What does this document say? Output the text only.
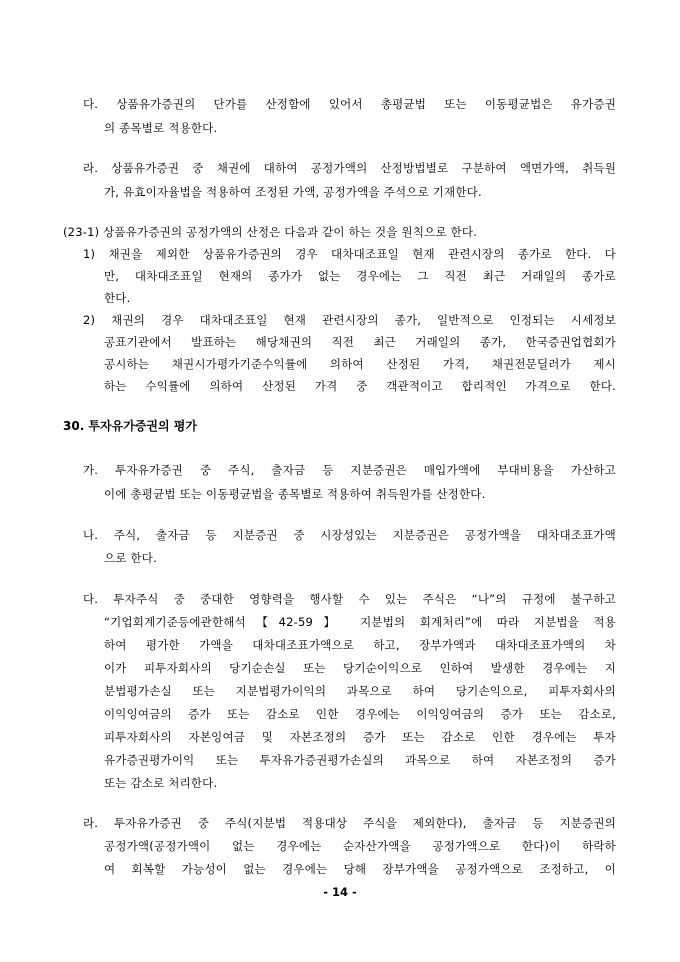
다. 상품유가증권의 단가를 산정함에 있어서 총평균법 또는 이동평균법은 유가증권
의 종목별로 적용한다.
라. 상품유가증권 중 채권에 대하여 공정가액의 산정방법별로 구분하여 액면가액, 취득원
가, 유효이자율법을 적용하여 조정된 가액, 공정가액을 주석으로 기재한다.
(23-1) 상품유가증권의 공정가액의 산정은 다음과 같이 하는 것을 원칙으로 한다.
1) 채권을 제외한 상품유가증권의 경우 대차대조표일 현재 관련시장의 종가로 한다. 다
만, 대차대조표일 현재의 종가가 없는 경우에는 그 직전 최근 거래일의 종가로
한다.
2) 채권의 경우 대차대조표일 현재 관련시장의 종가, 일반적으로 인정되는 시세정보
공표기관에서 발표하는 해당채권의 직전 최근 거래일의 종가, 한국증권업협회가
공시하는 채권시가평가기준수익률에 의하여 산정된 가격, 채권전문딜러가 제시
하는 수익률에 의하여 산정된 가격 중 객관적이고 합리적인 가격으로 한다.
30. 투자유가증권의 평가
가. 투자유가증권 중 주식, 출자금 등 지분증권은 매입가액에 부대비용을 가산하고
이에 총평균법 또는 이동평균법을 종목별로 적용하여 취득원가를 산정한다.
나. 주식, 출자금 등 지분증권 중 시장성있는 지분증권은 공정가액을 대차대조표가액
으로 한다.
다. 투자주식 중 중대한 영향력을 행사할 수 있는 주식은 “나”의 규정에 불구하고
“기업회계기준등에관한해석【42-59】 지분법의 회계처리”에 따라 지분법을 적용
하여 평가한 가액을 대차대조표가액으로 하고, 장부가액과 대차대조표가액의 차
이가 피투자회사의 당기순손실 또는 당기순이익으로 인하여 발생한 경우에는 지
분법평가손실 또는 지분법평가이익의 과목으로 하여 당기손익으로, 피투자회사의
이익잉여금의 증가 또는 감소로 인한 경우에는 이익잉여금의 증가 또는 감소로,
피투자회사의 자본잉여금 및 자본조정의 증가 또는 감소로 인한 경우에는 투자
유가증권평가이익 또는 투자유가증권평가손실의 과목으로 하여 자본조정의 증가
또는 감소로 처리한다.
라. 투자유가증권 중 주식(지분법 적용대상 주식을 제외한다), 출자금 등 지분증권의
공정가액(공정가액이 없는 경우에는 순자산가액을 공정가액으로 한다)이 하락하
여 회복할 가능성이 없는 경우에는 당해 장부가액을 공정가액으로 조정하고, 이
- 14 -
